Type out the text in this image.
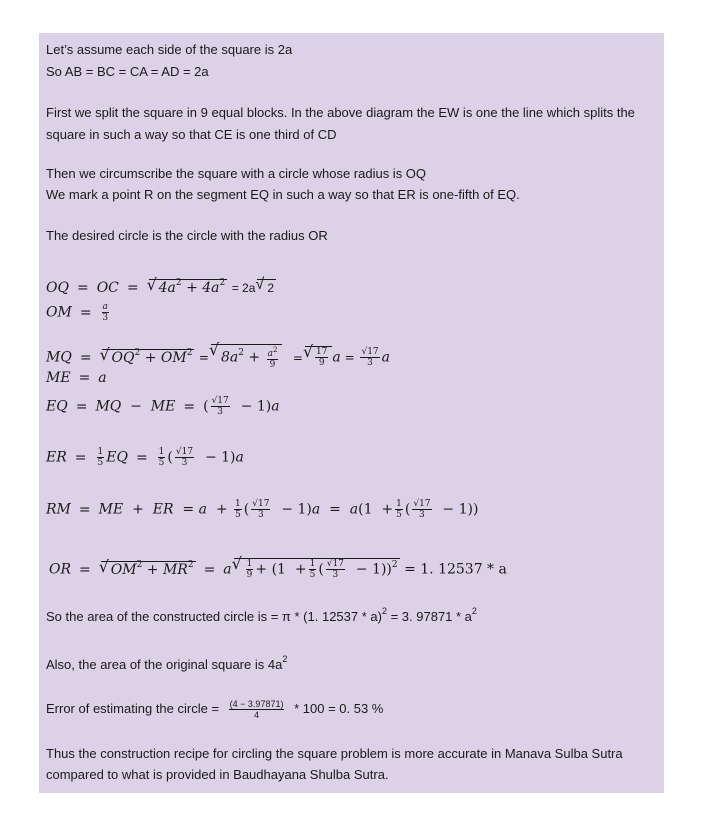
Let’s assume each side of the square is 2a
So AB = BC = CA = AD = 2a
First we split the square in 9 equal blocks. In the above diagram the EW is one the line which splits the
square in such a way so that CE is one third of CD
Then we circumscribe the square with a circle whose radius is OQ
We mark a point R on the segment EQ in such a way so that ER is one-fifth of EQ.
The desired circle is the circle with the radius OR
OQ = OC = √ $4a^2 + 4a^2 = 2a$ √ 2
OM = $\frac{a}{3}$
MQ = √ $OQ^2 + OM^2$ = √ $8a^2 + \frac{a^2}{9}$ = √ $\frac{17}{9}$ $a = \frac{√17}{3}$ a
ME = a
EQ = MQ  −  ME = ( $\frac{√17}{3} - 1)a$
ER = $\frac{1}{5}$ EQ = $\frac{1}{5}$ ( $\frac{√17}{3} - 1)a$
RM = ME  +  ER  = $a + \frac{1}{5}$ ( $\frac{√17}{3} - 1)a = a(1 + \frac{1}{5}$ ( $\frac{√17}{3} - 1$))
OR = √ $OM^2 + MR^2 = a$ √ $\frac{1}{9} + (1 + \frac{1}{5}$ ( $\frac{√17}{3} - 1))^2 = 1$. 12537 * a
So the area of the constructed circle is = π * (1. 12537 * a)$^2$ = 3. $97871 * a^2$
Also, the area of the original square is $4a^2$
Error of estimating the circle = $\frac{(4 - 3.97871)}{4} * 100 = 0$. 53 %
Thus the construction recipe for circling the square problem is more accurate in Manava Sulba Sutra
compared to what is provided in Baudhayana Shulba Sutra.
